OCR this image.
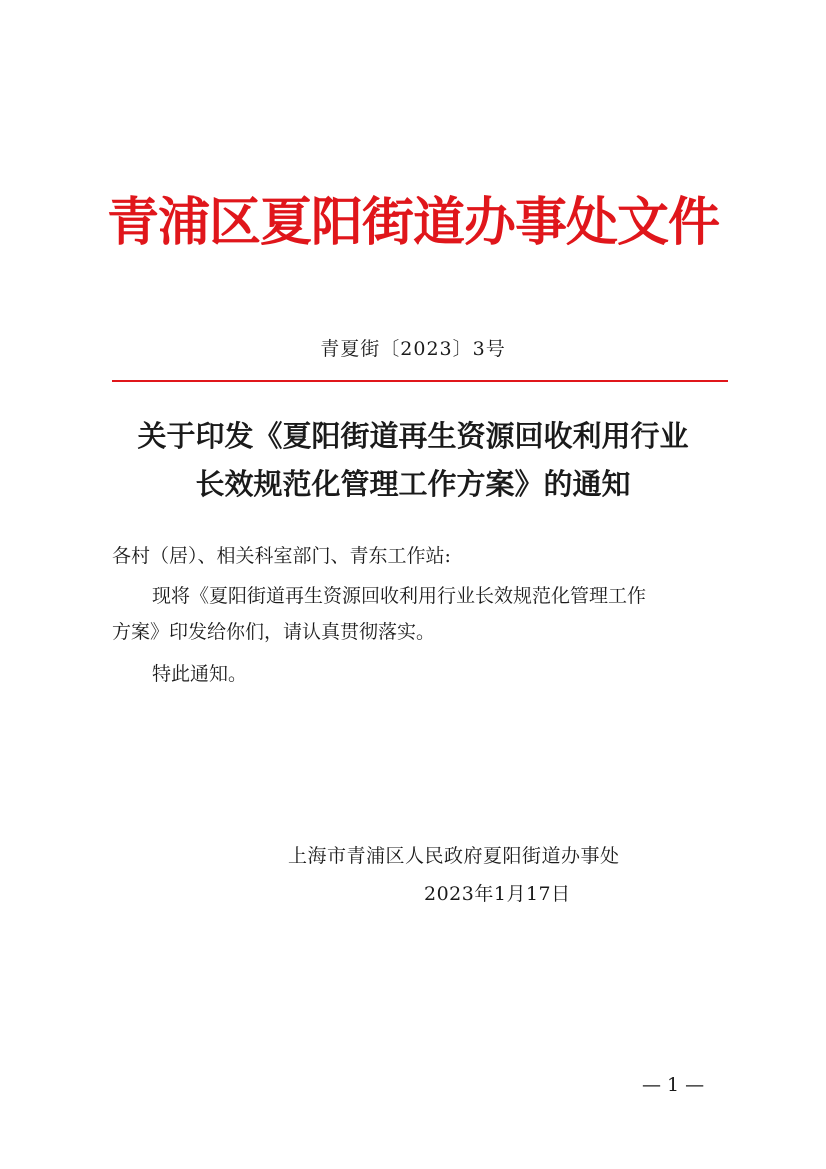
青浦区夏阳街道办事处文件
青夏街〔2023〕3号
关于印发《夏阳街道再生资源回收利用行业
长效规范化管理工作方案》的通知
各村（居）、相关科室部门、青东工作站:
现将《夏阳街道再生资源回收利用行业长效规范化管理工作
方案》印发给你们，请认真贯彻落实。
特此通知。
上海市青浦区人民政府夏阳街道办事处
2023年1月17日
— 1 —
